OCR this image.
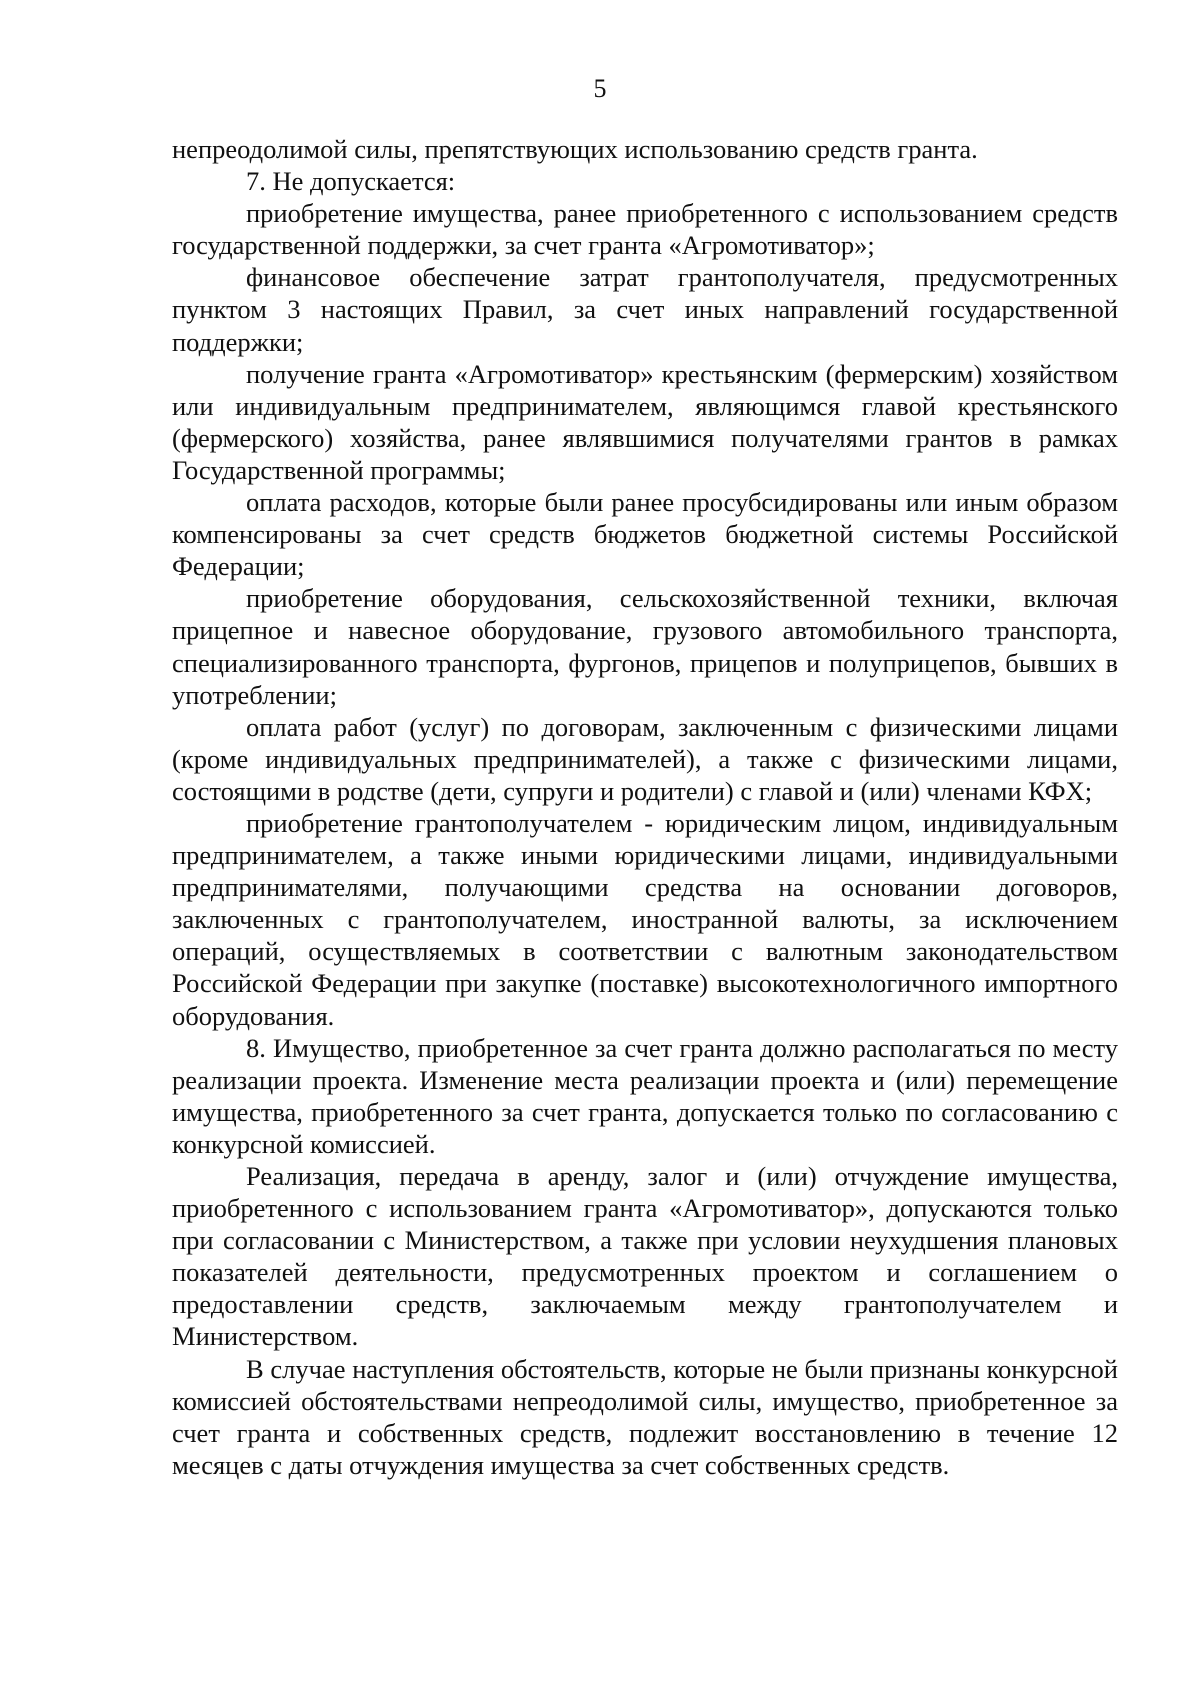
5

непреодолимой силы, препятствующих использованию средств гранта.

7. Не допускается:

приобретение имущества, ранее приобретенного с использованием средств государственной поддержки, за счет гранта «Агромотиватор»;

финансовое обеспечение затрат грантополучателя, предусмотренных пунктом 3 настоящих Правил, за счет иных направлений государственной поддержки;

получение гранта «Агромотиватор» крестьянским (фермерским) хозяйством или индивидуальным предпринимателем, являющимся главой крестьянского (фермерского) хозяйства, ранее являвшимися получателями грантов в рамках Государственной программы;

оплата расходов, которые были ранее просубсидированы или иным образом компенсированы за счет средств бюджетов бюджетной системы Российской Федерации;

приобретение оборудования, сельскохозяйственной техники, включая прицепное и навесное оборудование, грузового автомобильного транспорта, специализированного транспорта, фургонов, прицепов и полуприцепов, бывших в употреблении;

оплата работ (услуг) по договорам, заключенным с физическими лицами (кроме индивидуальных предпринимателей), а также с физическими лицами, состоящими в родстве (дети, супруги и родители) с главой и (или) членами КФХ;

приобретение грантополучателем - юридическим лицом, индивидуальным предпринимателем, а также иными юридическими лицами, индивидуальными предпринимателями, получающими средства на основании договоров, заключенных с грантополучателем, иностранной валюты, за исключением операций, осуществляемых в соответствии с валютным законодательством Российской Федерации при закупке (поставке) высокотехнологичного импортного оборудования.

8. Имущество, приобретенное за счет гранта должно располагаться по месту реализации проекта. Изменение места реализации проекта и (или) перемещение имущества, приобретенного за счет гранта, допускается только по согласованию с конкурсной комиссией.

Реализация, передача в аренду, залог и (или) отчуждение имущества, приобретенного с использованием гранта «Агромотиватор», допускаются только при согласовании с Министерством, а также при условии неухудшения плановых показателей деятельности, предусмотренных проектом и соглашением о предоставлении средств, заключаемым между грантополучателем и Министерством.

В случае наступления обстоятельств, которые не были признаны конкурсной комиссией обстоятельствами непреодолимой силы, имущество, приобретенное за счет гранта и собственных средств, подлежит восстановлению в течение 12 месяцев с даты отчуждения имущества за счет собственных средств.
